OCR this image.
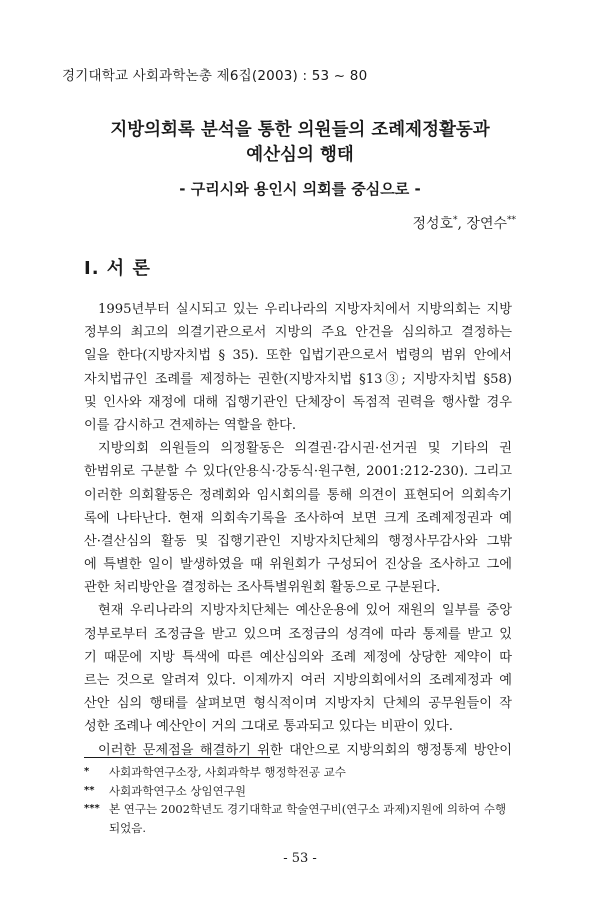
경기대학교 사회과학논총 제6집(2003) : 53 ~ 80
지방의회록 분석을 통한 의원들의 조례제정활동과
예산심의 행태
- 구리시와 용인시 의회를 중심으로 -
정성호*, 장연수**
Ⅰ. 서 론
1995년부터 실시되고 있는 우리나라의 지방자치에서 지방의회는 지방
정부의 최고의 의결기관으로서 지방의 주요 안건을 심의하고 결정하는
일을 한다(지방자치법 § 35). 또한 입법기관으로서 법령의 범위 안에서
자치법규인 조례를 제정하는 권한(지방자치법 §13③; 지방자치법 §58)
및 인사와 재정에 대해 집행기관인 단체장이 독점적 권력을 행사할 경우
이를 감시하고 견제하는 역할을 한다.
지방의회 의원들의 의정활동은 의결권·감시권·선거권 및 기타의 권
한범위로 구분할 수 있다(안용식·강동식·원구현, 2001:212-230). 그리고
이러한 의회활동은 정례회와 임시회의를 통해 의견이 표현되어 의회속기
록에 나타난다. 현재 의회속기록을 조사하여 보면 크게 조례제정권과 예
산·결산심의 활동 및 집행기관인 지방자치단체의 행정사무감사와 그밖
에 특별한 일이 발생하였을 때 위원회가 구성되어 진상을 조사하고 그에
관한 처리방안을 결정하는 조사특별위원회 활동으로 구분된다.
현재 우리나라의 지방자치단체는 예산운용에 있어 재원의 일부를 중앙
정부로부터 조정금을 받고 있으며 조정금의 성격에 따라 통제를 받고 있
기 때문에 지방 특색에 따른 예산심의와 조례 제정에 상당한 제약이 따
르는 것으로 알려져 있다. 이제까지 여러 지방의회에서의 조례제정과 예
산안 심의 행태를 살펴보면 형식적이며 지방자치 단체의 공무원들이 작
성한 조례나 예산안이 거의 그대로 통과되고 있다는 비판이 있다.
이러한 문제점을 해결하기 위한 대안으로 지방의회의 행정통제 방안이
*	사회과학연구소장, 사회과학부 행정학전공 교수
**	사회과학연구소 상임연구원
*** 본 연구는 2002학년도 경기대학교 학술연구비(연구소 과제)지원에 의하여 수행되었음.
- 53 -
